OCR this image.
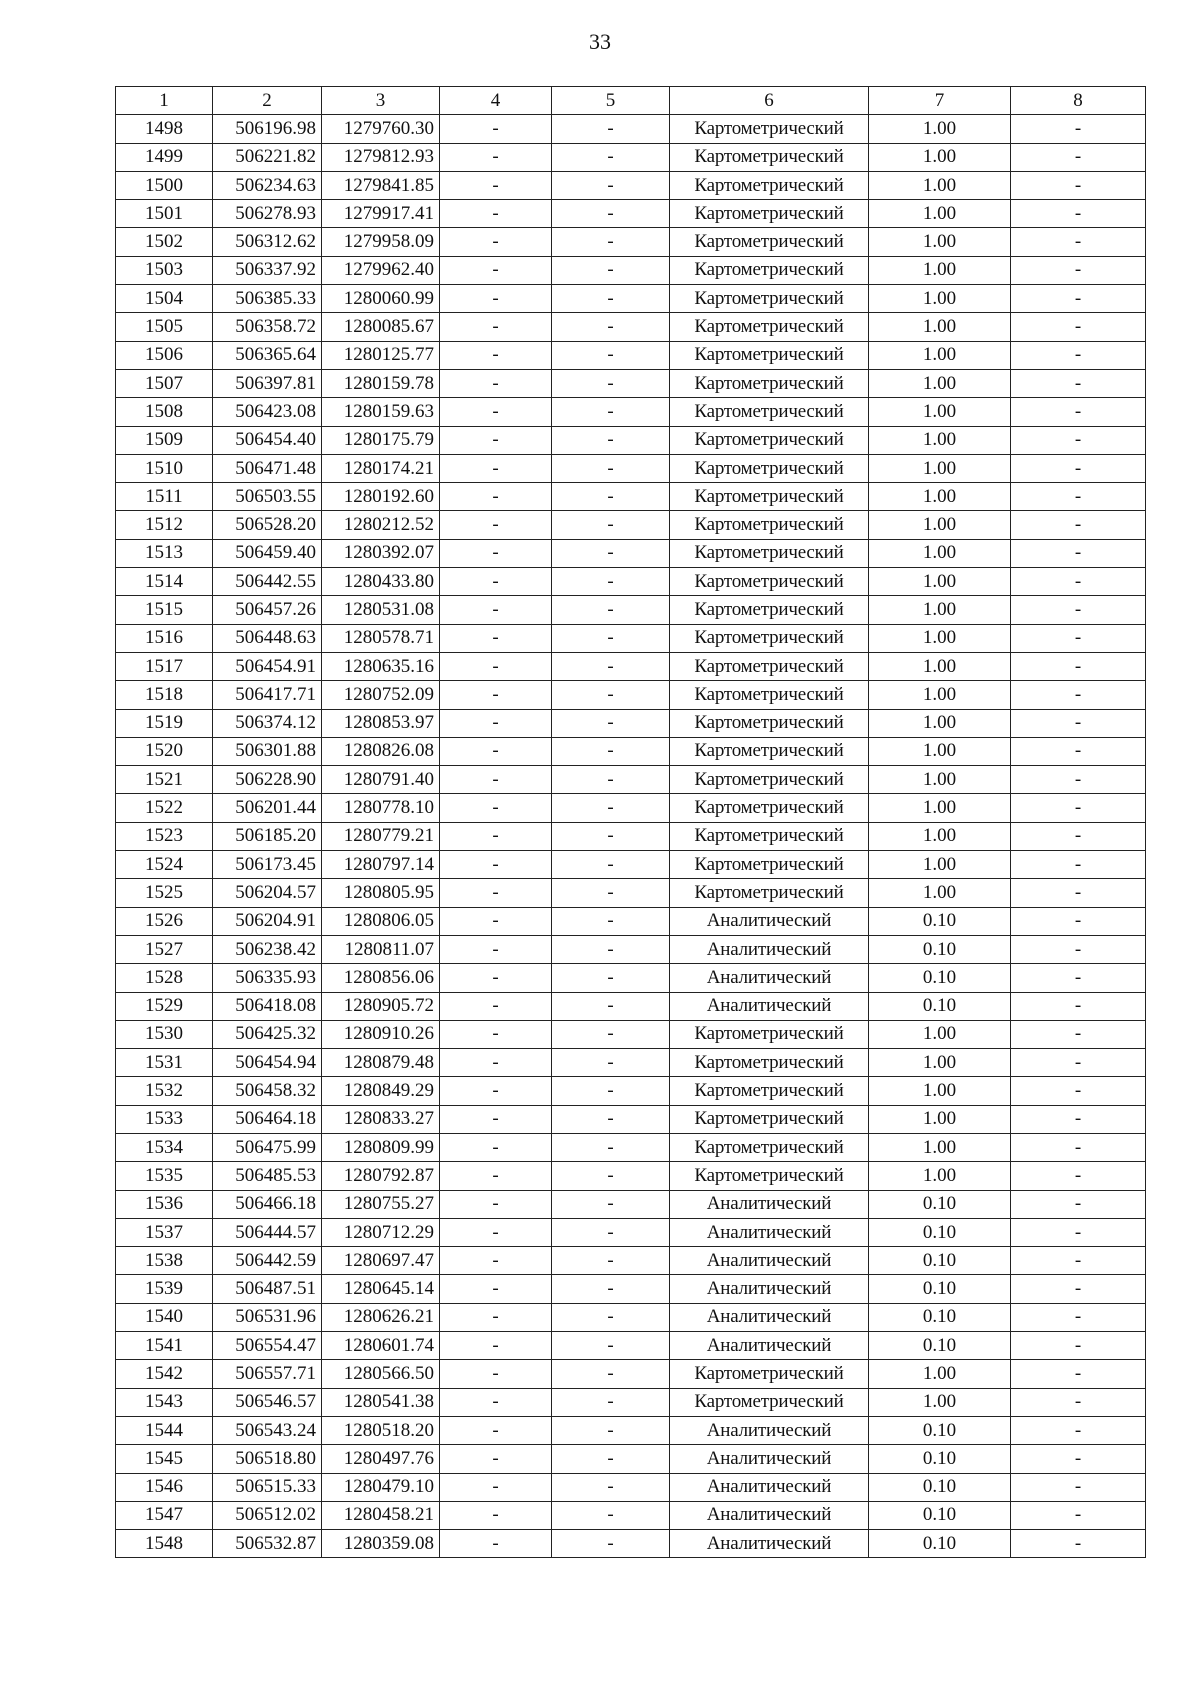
33
1	2	3	4	5	6	7	8
1498	506196.98	1279760.30	-	-	Картометрический	1.00	-
1499	506221.82	1279812.93	-	-	Картометрический	1.00	-
1500	506234.63	1279841.85	-	-	Картометрический	1.00	-
1501	506278.93	1279917.41	-	-	Картометрический	1.00	-
1502	506312.62	1279958.09	-	-	Картометрический	1.00	-
1503	506337.92	1279962.40	-	-	Картометрический	1.00	-
1504	506385.33	1280060.99	-	-	Картометрический	1.00	-
1505	506358.72	1280085.67	-	-	Картометрический	1.00	-
1506	506365.64	1280125.77	-	-	Картометрический	1.00	-
1507	506397.81	1280159.78	-	-	Картометрический	1.00	-
1508	506423.08	1280159.63	-	-	Картометрический	1.00	-
1509	506454.40	1280175.79	-	-	Картометрический	1.00	-
1510	506471.48	1280174.21	-	-	Картометрический	1.00	-
1511	506503.55	1280192.60	-	-	Картометрический	1.00	-
1512	506528.20	1280212.52	-	-	Картометрический	1.00	-
1513	506459.40	1280392.07	-	-	Картометрический	1.00	-
1514	506442.55	1280433.80	-	-	Картометрический	1.00	-
1515	506457.26	1280531.08	-	-	Картометрический	1.00	-
1516	506448.63	1280578.71	-	-	Картометрический	1.00	-
1517	506454.91	1280635.16	-	-	Картометрический	1.00	-
1518	506417.71	1280752.09	-	-	Картометрический	1.00	-
1519	506374.12	1280853.97	-	-	Картометрический	1.00	-
1520	506301.88	1280826.08	-	-	Картометрический	1.00	-
1521	506228.90	1280791.40	-	-	Картометрический	1.00	-
1522	506201.44	1280778.10	-	-	Картометрический	1.00	-
1523	506185.20	1280779.21	-	-	Картометрический	1.00	-
1524	506173.45	1280797.14	-	-	Картометрический	1.00	-
1525	506204.57	1280805.95	-	-	Картометрический	1.00	-
1526	506204.91	1280806.05	-	-	Аналитический	0.10	-
1527	506238.42	1280811.07	-	-	Аналитический	0.10	-
1528	506335.93	1280856.06	-	-	Аналитический	0.10	-
1529	506418.08	1280905.72	-	-	Аналитический	0.10	-
1530	506425.32	1280910.26	-	-	Картометрический	1.00	-
1531	506454.94	1280879.48	-	-	Картометрический	1.00	-
1532	506458.32	1280849.29	-	-	Картометрический	1.00	-
1533	506464.18	1280833.27	-	-	Картометрический	1.00	-
1534	506475.99	1280809.99	-	-	Картометрический	1.00	-
1535	506485.53	1280792.87	-	-	Картометрический	1.00	-
1536	506466.18	1280755.27	-	-	Аналитический	0.10	-
1537	506444.57	1280712.29	-	-	Аналитический	0.10	-
1538	506442.59	1280697.47	-	-	Аналитический	0.10	-
1539	506487.51	1280645.14	-	-	Аналитический	0.10	-
1540	506531.96	1280626.21	-	-	Аналитический	0.10	-
1541	506554.47	1280601.74	-	-	Аналитический	0.10	-
1542	506557.71	1280566.50	-	-	Картометрический	1.00	-
1543	506546.57	1280541.38	-	-	Картометрический	1.00	-
1544	506543.24	1280518.20	-	-	Аналитический	0.10	-
1545	506518.80	1280497.76	-	-	Аналитический	0.10	-
1546	506515.33	1280479.10	-	-	Аналитический	0.10	-
1547	506512.02	1280458.21	-	-	Аналитический	0.10	-
1548	506532.87	1280359.08	-	-	Аналитический	0.10	-
